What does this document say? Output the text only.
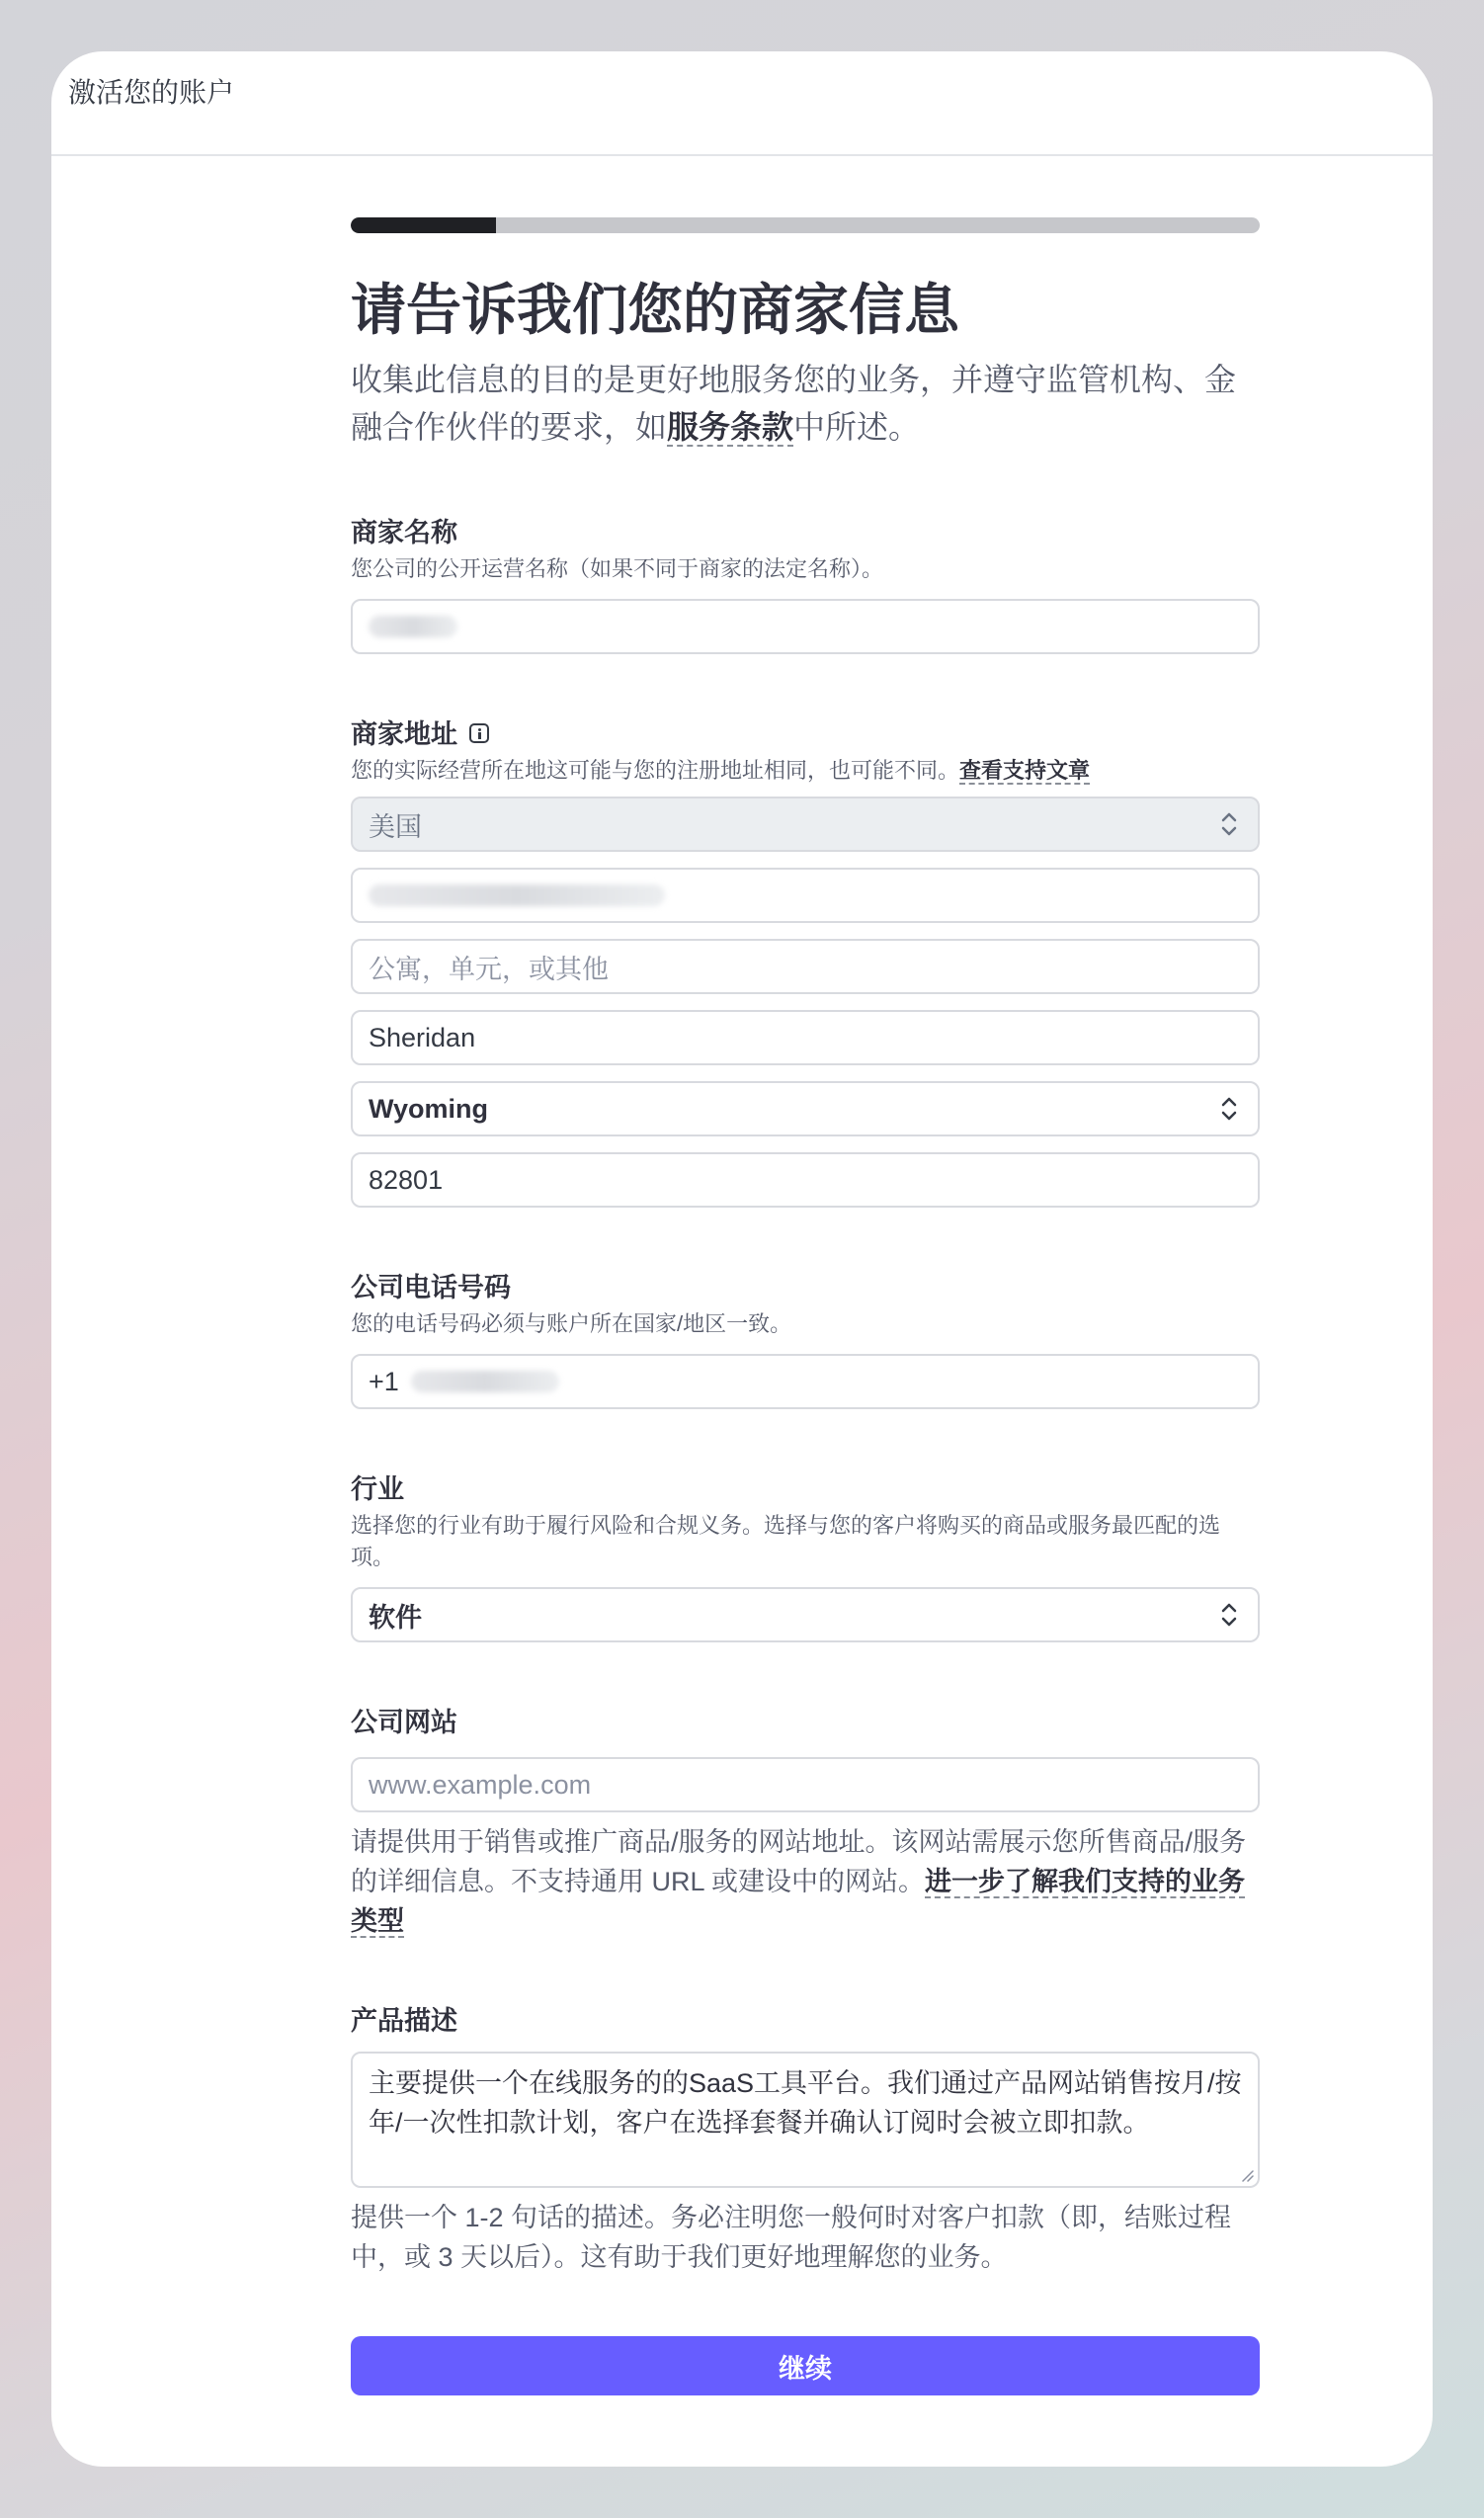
激活您的账户
请告诉我们您的商家信息
收集此信息的目的是更好地服务您的业务，并遵守监管机构、金融合作伙伴的要求，如服务条款中所述。
商家名称
您公司的公开运营名称（如果不同于商家的法定名称）。
商家地址
您的实际经营所在地这可能与您的注册地址相同，也可能不同。查看支持文章
美国
公寓，单元，或其他
Sheridan
Wyoming
82801
公司电话号码
您的电话号码必须与账户所在国家/地区一致。
+1
行业
选择您的行业有助于履行风险和合规义务。选择与您的客户将购买的商品或服务最匹配的选项。
软件
公司网站
www.example.com
请提供用于销售或推广商品/服务的网站地址。该网站需展示您所售商品/服务的详细信息。不支持通用 URL 或建设中的网站。进一步了解我们支持的业务类型
产品描述
主要提供一个在线服务的的SaaS工具平台。我们通过产品网站销售按月/按年/一次性扣款计划，客户在选择套餐并确认订阅时会被立即扣款。
提供一个 1-2 句话的描述。务必注明您一般何时对客户扣款（即，结账过程中，或 3 天以后）。这有助于我们更好地理解您的业务。
继续
